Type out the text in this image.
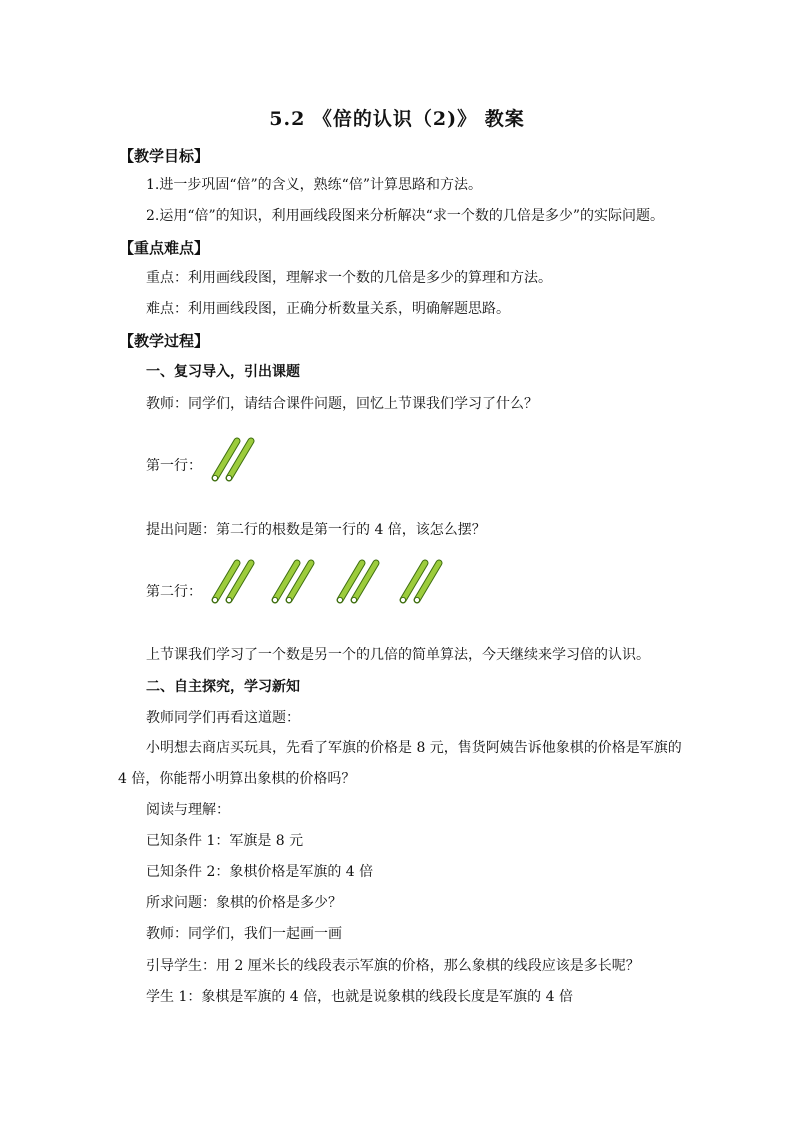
5.2 《倍的认识（2)》 教案
【教学目标】
1.进一步巩固“倍”的含义，熟练“倍”计算思路和方法。
2.运用“倍”的知识，利用画线段图来分析解决“求一个数的几倍是多少”的实际问题。
【重点难点】
重点：利用画线段图，理解求一个数的几倍是多少的算理和方法。
难点：利用画线段图，正确分析数量关系，明确解题思路。
【教学过程】
一、复习导入，引出课题
教师：同学们，请结合课件问题，回忆上节课我们学习了什么？
第一行：
提出问题：第二行的根数是第一行的 4 倍，该怎么摆？
第二行：
上节课我们学习了一个数是另一个的几倍的简单算法，今天继续来学习倍的认识。
二、自主探究，学习新知
教师同学们再看这道题：
小明想去商店买玩具，先看了军旗的价格是 8 元，售货阿姨告诉他象棋的价格是军旗的
4 倍，你能帮小明算出象棋的价格吗？
阅读与理解：
已知条件 1：军旗是 8 元
已知条件 2：象棋价格是军旗的 4 倍
所求问题：象棋的价格是多少？
教师：同学们，我们一起画一画
引导学生：用 2 厘米长的线段表示军旗的价格，那么象棋的线段应该是多长呢？
学生 1：象棋是军旗的 4 倍，也就是说象棋的线段长度是军旗的 4 倍
